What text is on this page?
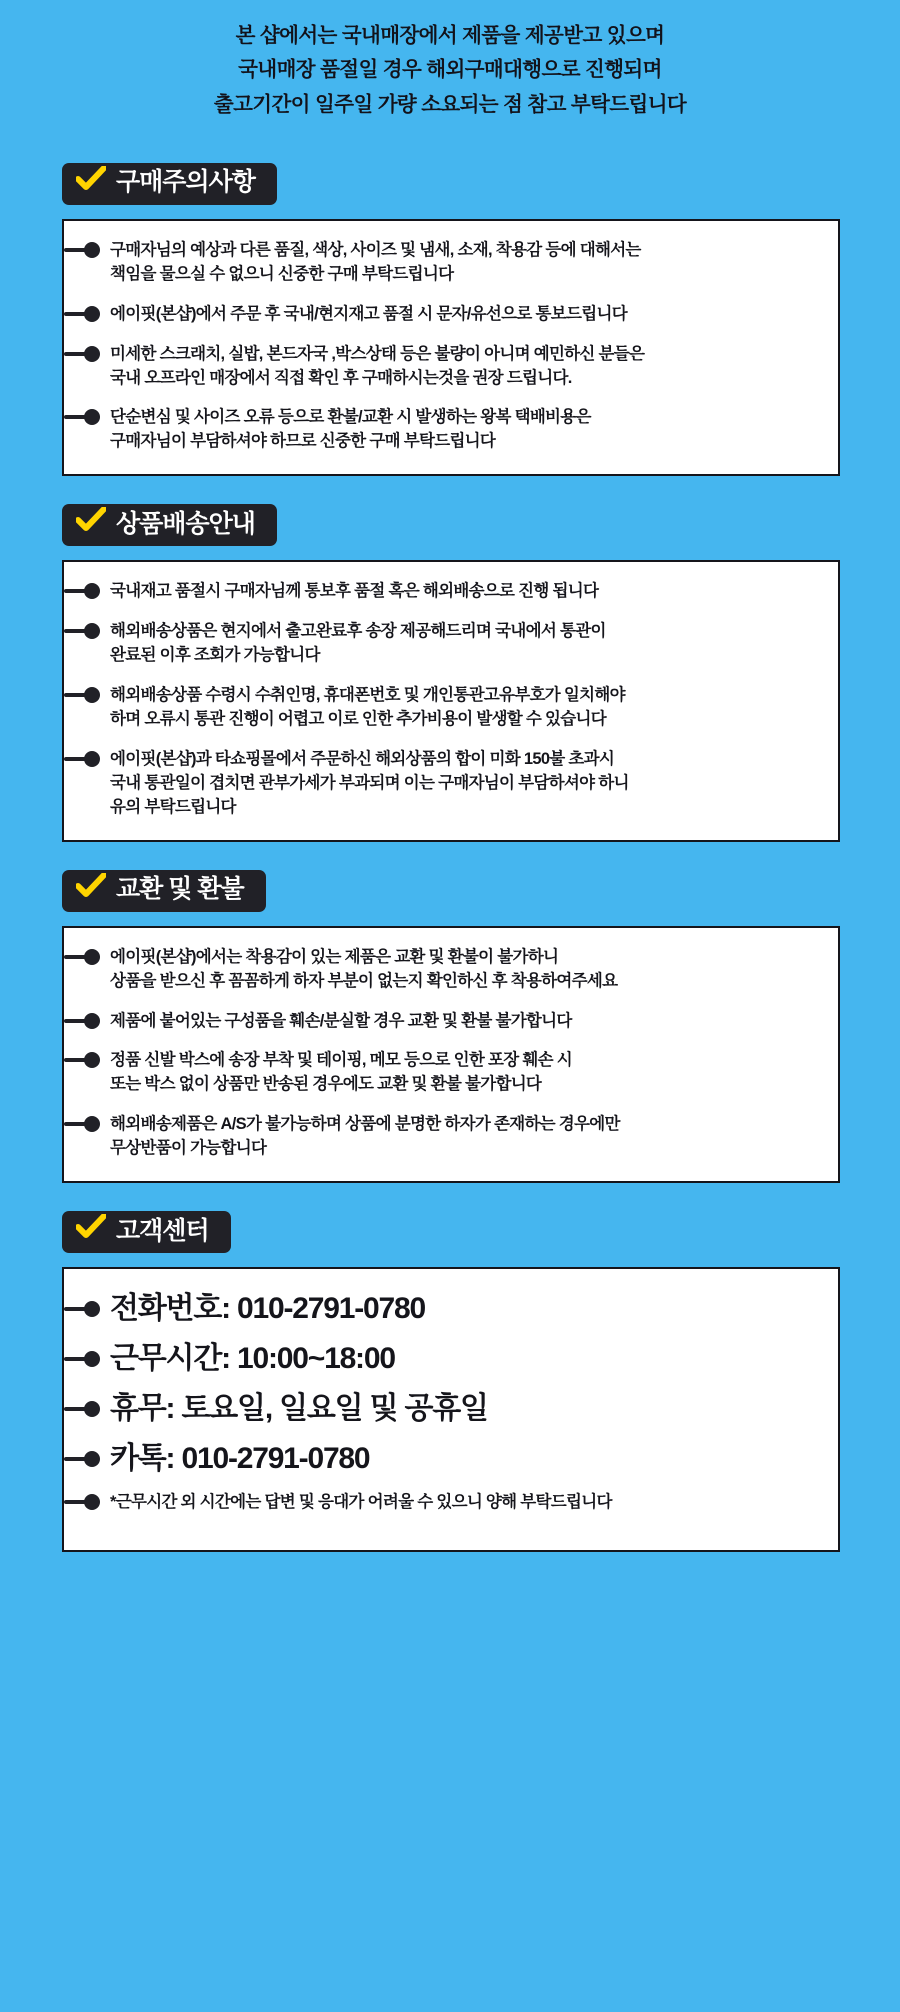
본 샵에서는 국내매장에서 제품을 제공받고 있으며

국내매장 품절일 경우 해외구매대행으로 진행되며

출고기간이 일주일 가량 소요되는 점 참고 부탁드립니다

구매주의사항

구매자님의 예상과 다른 품질, 색상, 사이즈 및 냄새, 소재, 착용감 등에 대해서는

책임을 물으실 수 없으니 신중한 구매 부탁드립니다

에이핏(본샵)에서 주문 후 국내/현지재고 품절 시 문자/유선으로 통보드립니다

미세한 스크래치, 실밥, 본드자국 ,박스상태 등은 불량이 아니며 예민하신 분들은

국내 오프라인 매장에서 직접 확인 후 구매하시는것을 권장 드립니다.

단순변심 및 사이즈 오류 등으로 환불/교환 시 발생하는 왕복 택배비용은

구매자님이 부담하셔야 하므로 신중한 구매 부탁드립니다

상품배송안내

국내재고 품절시 구매자님께 통보후 품절 혹은 해외배송으로 진행 됩니다

해외배송상품은 현지에서 출고완료후 송장 제공해드리며 국내에서 통관이

완료된 이후 조회가 가능합니다

해외배송상품 수령시 수취인명, 휴대폰번호 및 개인통관고유부호가 일치해야

하며 오류시 통관 진행이 어렵고 이로 인한 추가비용이 발생할 수 있습니다

에이핏(본샵)과 타쇼핑몰에서 주문하신 해외상품의 합이 미화 150불 초과시

국내 통관일이 겹치면 관부가세가 부과되며 이는 구매자님이 부담하셔야 하니

유의 부탁드립니다

교환 및 환불

에이핏(본샵)에서는 착용감이 있는 제품은 교환 및 환불이 불가하니

상품을 받으신 후 꼼꼼하게 하자 부분이 없는지 확인하신 후 착용하여주세요

제품에 붙어있는 구성품을 훼손/분실할 경우 교환 및 환불 불가합니다

정품 신발 박스에 송장 부착 및 테이핑, 메모 등으로 인한 포장 훼손 시

또는 박스 없이 상품만 반송된 경우에도 교환 및 환불 불가합니다

해외배송제품은 A/S가 불가능하며 상품에 분명한 하자가 존재하는 경우에만

무상반품이 가능합니다

고객센터

전화번호: 010-2791-0780

근무시간: 10:00~18:00

휴무: 토요일, 일요일 및 공휴일

카톡: 010-2791-0780

*근무시간 외 시간에는 답변 및 응대가 어려울 수 있으니 양해 부탁드립니다
